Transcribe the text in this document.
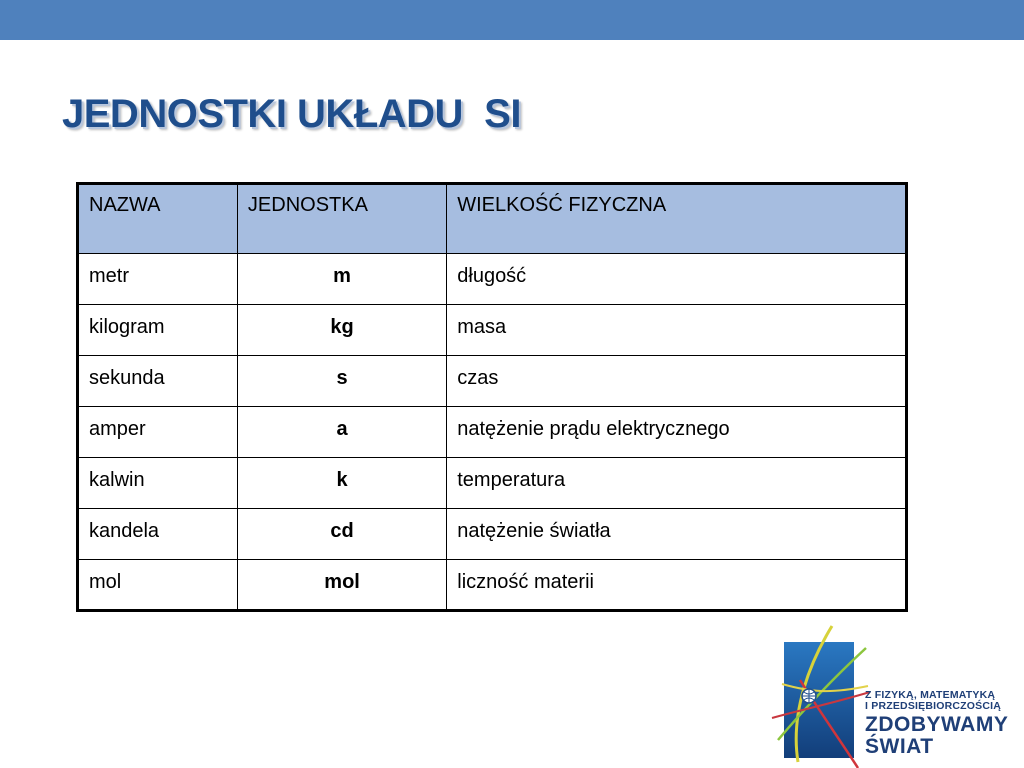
JEDNOSTKI UKŁADU  SI
NAZWA	JEDNOSTKA	WIELKOŚĆ FIZYCZNA
metr	m	długość
kilogram	kg	masa
sekunda	s	czas
amper	a	natężenie prądu elektrycznego
kalwin	k	temperatura
kandela	cd	natężenie światła
mol	mol	liczność materii
Z FIZYKĄ, MATEMATYKĄ
I PRZEDSIĘBIORCZOŚCIĄ
ZDOBYWAMY
ŚWIAT
